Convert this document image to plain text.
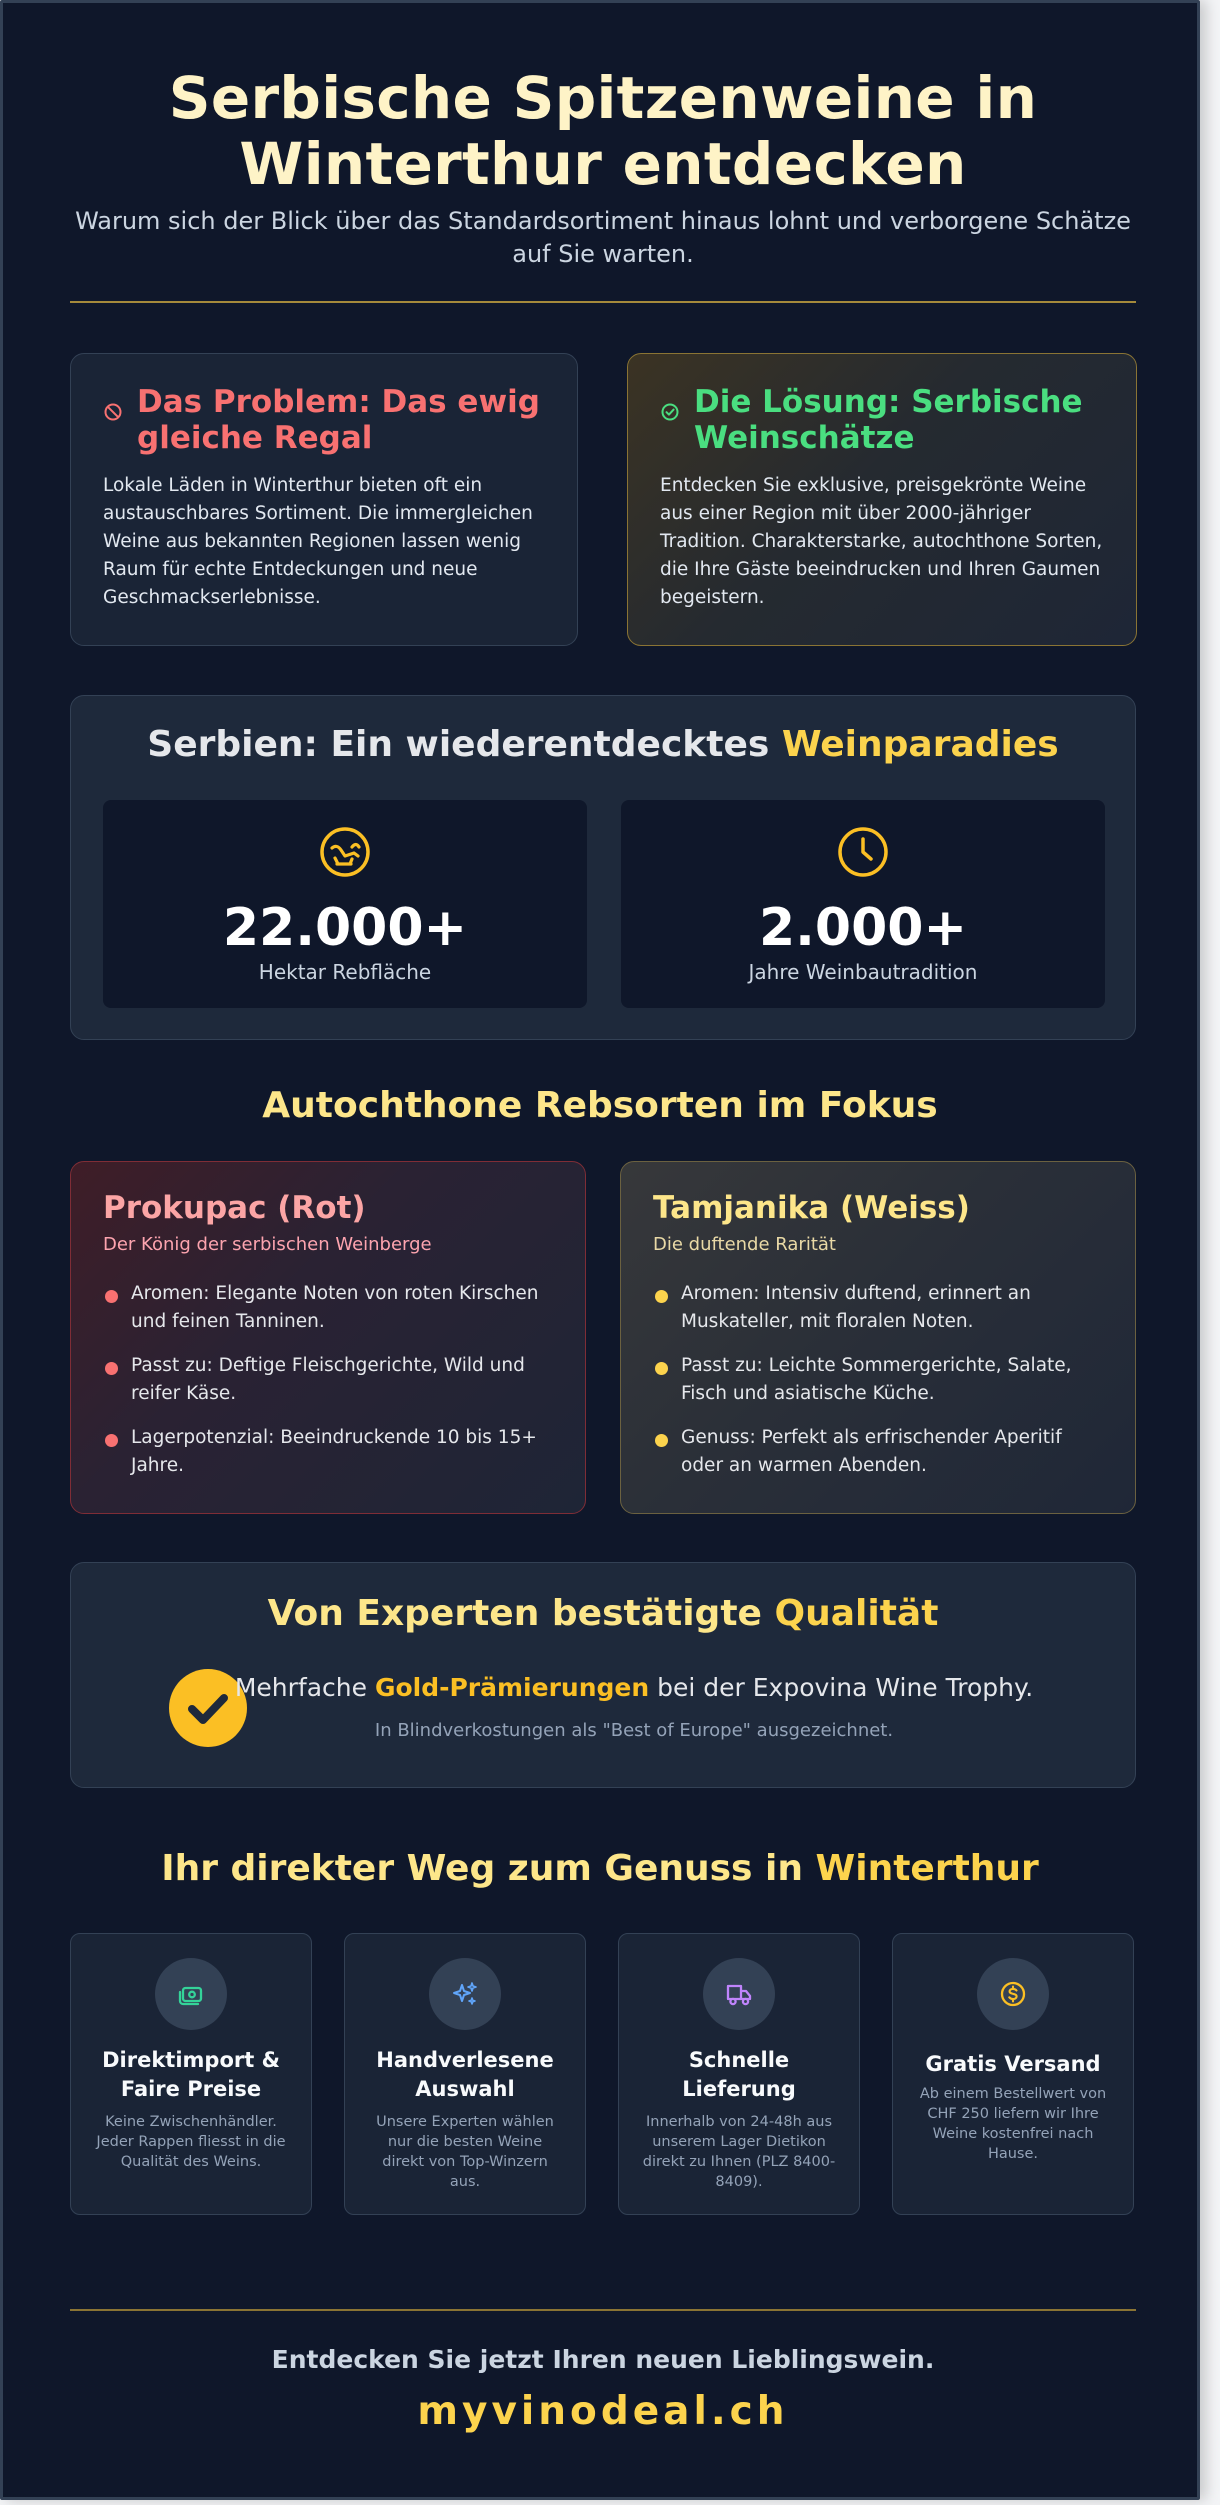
Serbische Spitzenweine in Winterthur entdecken
Warum sich der Blick über das Standardsortiment hinaus lohnt und verborgene Schätze auf Sie warten.
Das Problem: Das ewig gleiche Regal
Lokale Läden in Winterthur bieten oft ein austauschbares Sortiment. Die immergleichen Weine aus bekannten Regionen lassen wenig Raum für echte Entdeckungen und neue Geschmackserlebnisse.
Die Lösung: Serbische Weinschätze
Entdecken Sie exklusive, preisgekrönte Weine aus einer Region mit über 2000-jähriger Tradition. Charakterstarke, autochthone Sorten, die Ihre Gäste beeindrucken und Ihren Gaumen begeistern.
Serbien: Ein wiederentdecktes Weinparadies
22.000+
Hektar Rebfläche
2.000+
Jahre Weinbautradition
Autochthone Rebsorten im Fokus
Prokupac (Rot)
Der König der serbischen Weinberge
Aromen: Elegante Noten von roten Kirschen und feinen Tanninen.
Passt zu: Deftige Fleischgerichte, Wild und reifer Käse.
Lagerpotenzial: Beeindruckende 10 bis 15+ Jahre.
Tamjanika (Weiss)
Die duftende Rarität
Aromen: Intensiv duftend, erinnert an Muskateller, mit floralen Noten.
Passt zu: Leichte Sommergerichte, Salate, Fisch und asiatische Küche.
Genuss: Perfekt als erfrischender Aperitif oder an warmen Abenden.
Von Experten bestätigte Qualität
Mehrfache Gold-Prämierungen bei der Expovina Wine Trophy.
In Blindverkostungen als "Best of Europe" ausgezeichnet.
Ihr direkter Weg zum Genuss in Winterthur
Direktimport & Faire Preise
Keine Zwischenhändler. Jeder Rappen fliesst in die Qualität des Weins.
Handverlesene Auswahl
Unsere Experten wählen nur die besten Weine direkt von Top-Winzern aus.
Schnelle Lieferung
Innerhalb von 24-48h aus unserem Lager Dietikon direkt zu Ihnen (PLZ 8400-8409).
Gratis Versand
Ab einem Bestellwert von CHF 250 liefern wir Ihre Weine kostenfrei nach Hause.
Entdecken Sie jetzt Ihren neuen Lieblingswein.
myvinodeal.ch
